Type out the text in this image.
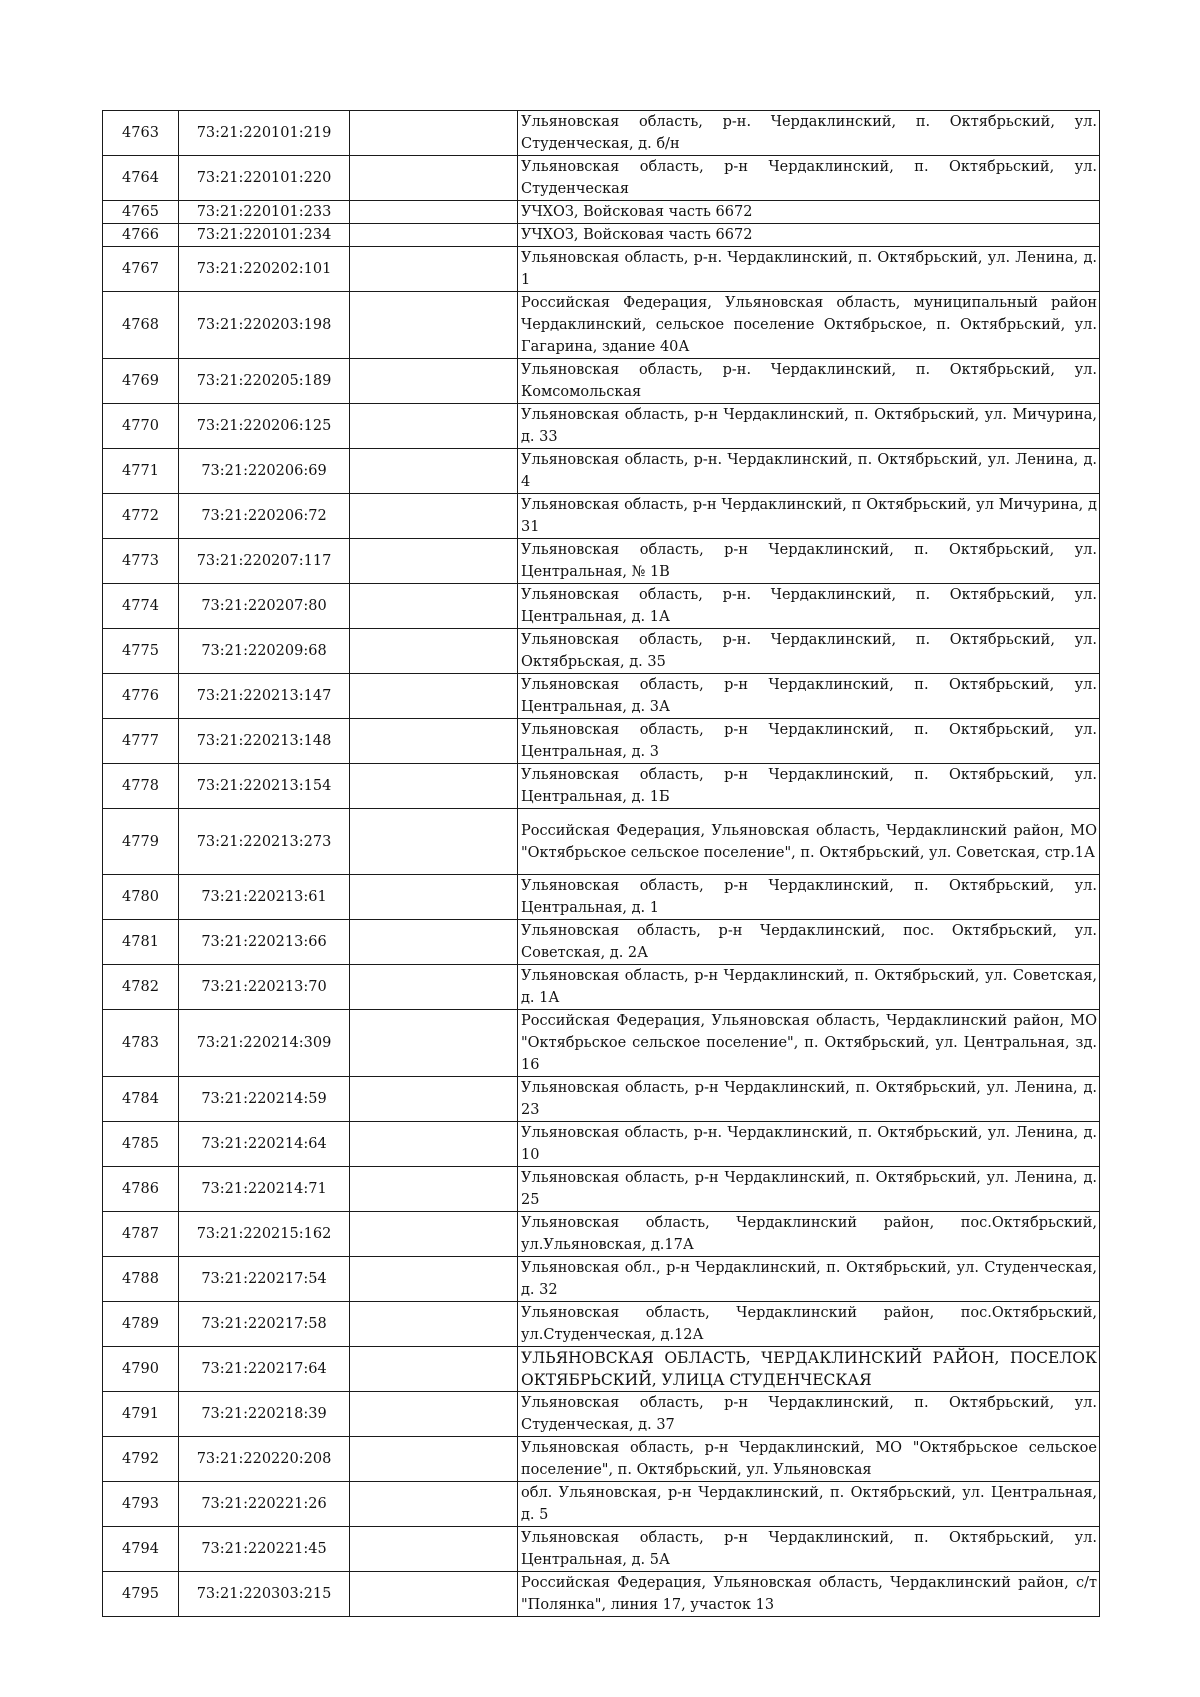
4763	73:21:220101:219		Ульяновская область, р-н. Чердаклинский, п. Октябрьский, ул. Студенческая, д. б/н
4764	73:21:220101:220		Ульяновская область, р-н Чердаклинский, п. Октябрьский, ул. Студенческая
4765	73:21:220101:233		УЧХОЗ, Войсковая часть 6672
4766	73:21:220101:234		УЧХОЗ, Войсковая часть 6672
4767	73:21:220202:101		Ульяновская область, р-н. Чердаклинский, п. Октябрьский, ул. Ленина, д. 1
4768	73:21:220203:198		Российская Федерация, Ульяновская область, муниципальный район Чердаклинский, сельское поселение Октябрьское, п. Октябрьский, ул. Гагарина, здание 40А
4769	73:21:220205:189		Ульяновская область, р-н. Чердаклинский, п. Октябрьский, ул. Комсомольская
4770	73:21:220206:125		Ульяновская область, р-н Чердаклинский, п. Октябрьский, ул. Мичурина, д. 33
4771	73:21:220206:69		Ульяновская область, р-н. Чердаклинский, п. Октябрьский, ул. Ленина, д. 4
4772	73:21:220206:72		Ульяновская область, р-н Чердаклинский, п Октябрьский, ул Мичурина, д 31
4773	73:21:220207:117		Ульяновская область, р-н Чердаклинский, п. Октябрьский, ул. Центральная, № 1В
4774	73:21:220207:80		Ульяновская область, р-н. Чердаклинский, п. Октябрьский, ул. Центральная, д. 1А
4775	73:21:220209:68		Ульяновская область, р-н. Чердаклинский, п. Октябрьский, ул. Октябрьская, д. 35
4776	73:21:220213:147		Ульяновская область, р-н Чердаклинский, п. Октябрьский, ул. Центральная, д. 3А
4777	73:21:220213:148		Ульяновская область, р-н Чердаклинский, п. Октябрьский, ул. Центральная, д. 3
4778	73:21:220213:154		Ульяновская область, р-н Чердаклинский, п. Октябрьский, ул. Центральная, д. 1Б
4779	73:21:220213:273		Российская Федерация, Ульяновская область, Чердаклинский район, МО "Октябрьское сельское поселение", п. Октябрьский, ул. Советская, стр.1А
4780	73:21:220213:61		Ульяновская область, р-н Чердаклинский, п. Октябрьский, ул. Центральная, д. 1
4781	73:21:220213:66		Ульяновская область, р-н Чердаклинский, пос. Октябрьский, ул. Советская, д. 2А
4782	73:21:220213:70		Ульяновская область, р-н Чердаклинский, п. Октябрьский, ул. Советская, д. 1А
4783	73:21:220214:309		Российская Федерация, Ульяновская область, Чердаклинский район, МО "Октябрьское сельское поселение", п. Октябрьский, ул. Центральная, зд. 16
4784	73:21:220214:59		Ульяновская область, р-н Чердаклинский, п. Октябрьский, ул. Ленина, д. 23
4785	73:21:220214:64		Ульяновская область, р-н. Чердаклинский, п. Октябрьский, ул. Ленина, д. 10
4786	73:21:220214:71		Ульяновская область, р-н Чердаклинский, п. Октябрьский, ул. Ленина, д. 25
4787	73:21:220215:162		Ульяновская область, Чердаклинский район, пос.Октябрьский, ул.Ульяновская, д.17А
4788	73:21:220217:54		Ульяновская обл., р-н Чердаклинский, п. Октябрьский, ул. Студенческая, д. 32
4789	73:21:220217:58		Ульяновская область, Чердаклинский район, пос.Октябрьский, ул.Студенческая, д.12А
4790	73:21:220217:64		УЛЬЯНОВСКАЯ ОБЛАСТЬ, ЧЕРДАКЛИНСКИЙ РАЙОН, ПОСЕЛОК ОКТЯБРЬСКИЙ, УЛИЦА СТУДЕНЧЕСКАЯ
4791	73:21:220218:39		Ульяновская область, р-н Чердаклинский, п. Октябрьский, ул. Студенческая, д. 37
4792	73:21:220220:208		Ульяновская область, р-н Чердаклинский, МО "Октябрьское сельское поселение", п. Октябрьский, ул. Ульяновская
4793	73:21:220221:26		обл. Ульяновская, р-н Чердаклинский, п. Октябрьский, ул. Центральная, д. 5
4794	73:21:220221:45		Ульяновская область, р-н Чердаклинский, п. Октябрьский, ул. Центральная, д. 5А
4795	73:21:220303:215		Российская Федерация, Ульяновская область, Чердаклинский район, с/т "Полянка", линия 17, участок 13
